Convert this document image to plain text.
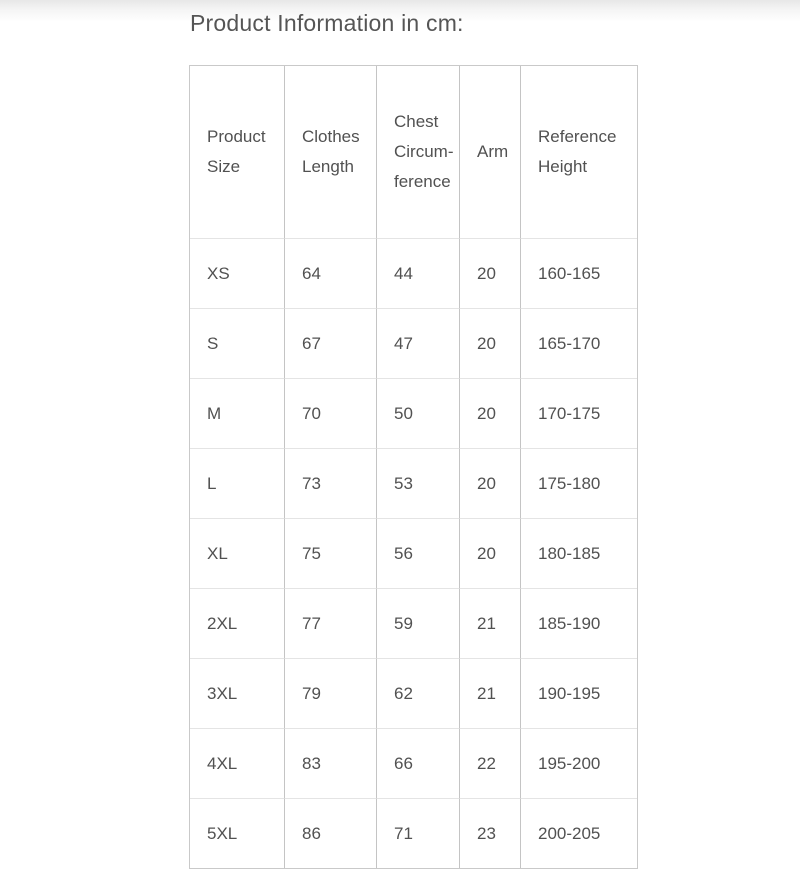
Product Information in cm:
Product Size	Clothes Length	Chest Circum-ference	Arm	Reference Height
XS	64	44	20	160-165
S	67	47	20	165-170
M	70	50	20	170-175
L	73	53	20	175-180
XL	75	56	20	180-185
2XL	77	59	21	185-190
3XL	79	62	21	190-195
4XL	83	66	22	195-200
5XL	86	71	23	200-205
